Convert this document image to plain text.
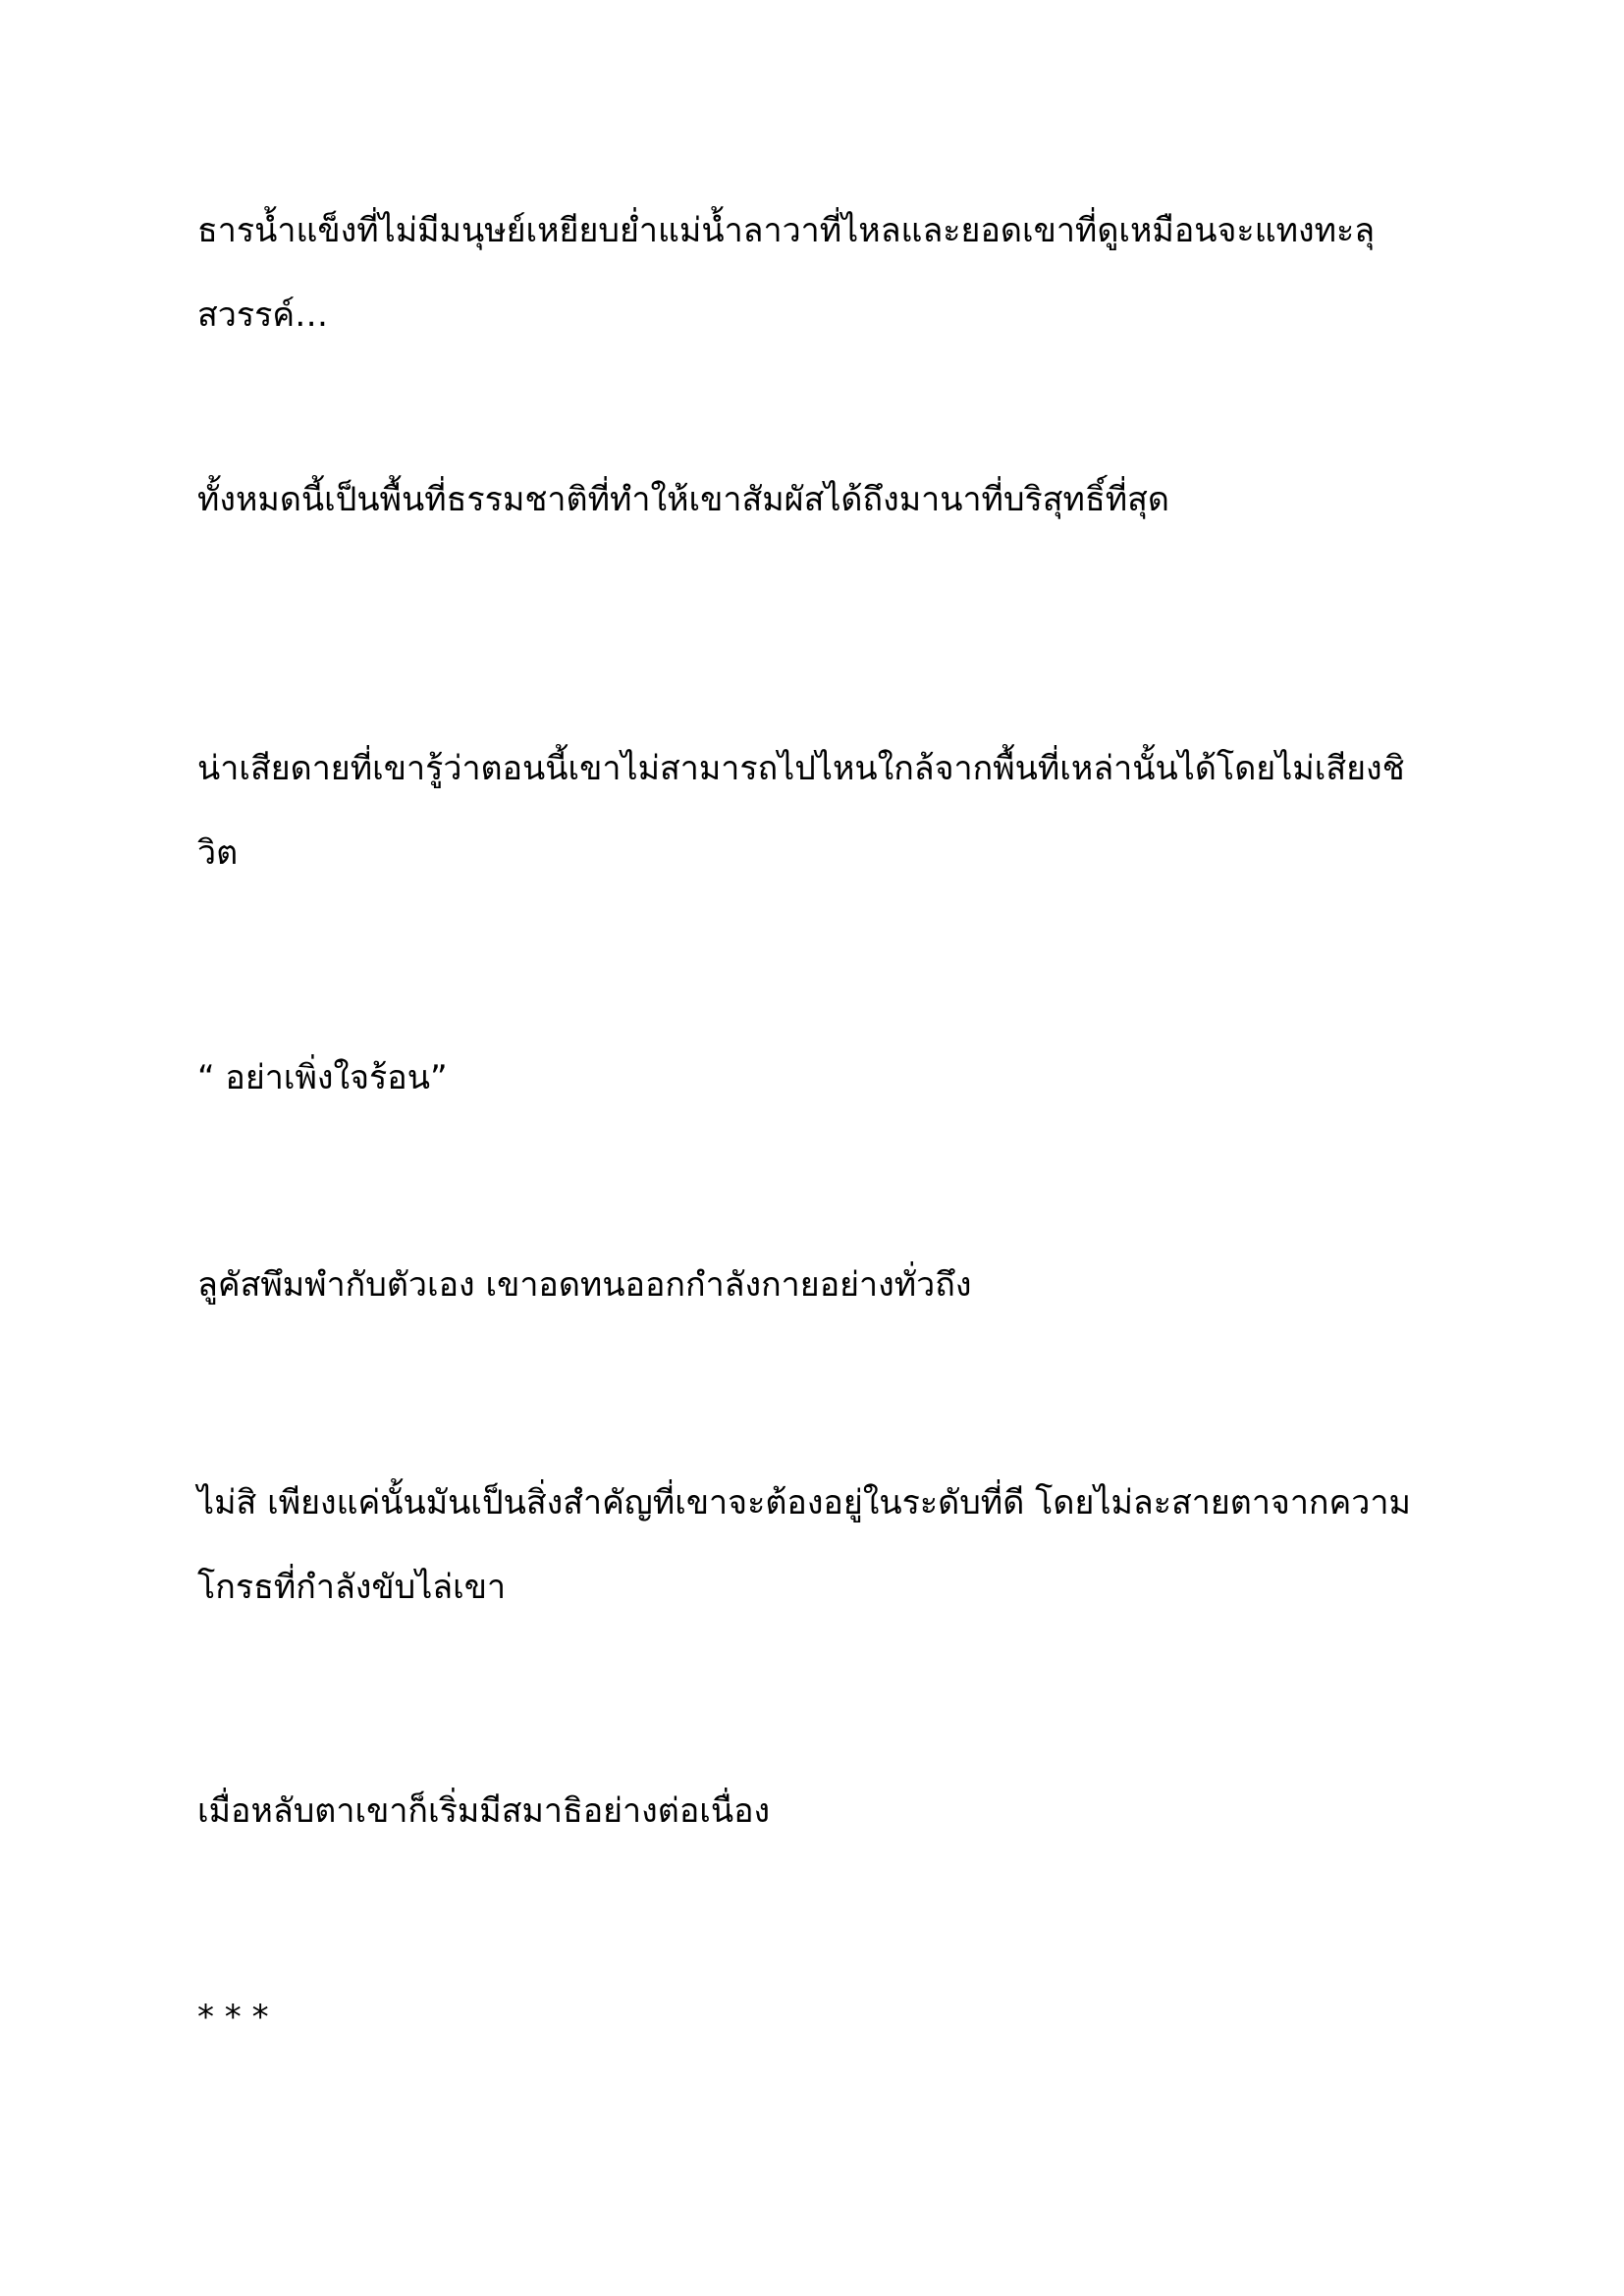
ธารน้ำแข็งที่ไม่มีมนุษย์เหยียบย่ำแม่น้ำลาวาที่ไหลและยอดเขาที่ดูเหมือนจะแทงทะลุสวรรค์…

ทั้งหมดนี้เป็นพื้นที่ธรรมชาติที่ทำให้เขาสัมผัสได้ถึงมานาที่บริสุทธิ์ที่สุด

น่าเสียดายที่เขารู้ว่าตอนนี้เขาไม่สามารถไปไหนใกล้จากพื้นที่เหล่านั้นได้โดยไม่เสียงชิวิต

“ อย่าเพิ่งใจร้อน”

ลูคัสพึมพำกับตัวเอง เขาอดทนออกกำลังกายอย่างทั่วถึง

ไม่สิ เพียงแค่นั้นมันเป็นสิ่งสำคัญที่เขาจะต้องอยู่ในระดับที่ดี โดยไม่ละสายตาจากความโกรธที่กำลังขับไล่เขา

เมื่อหลับตาเขาก็เริ่มมีสมาธิอย่างต่อเนื่อง

* * *
